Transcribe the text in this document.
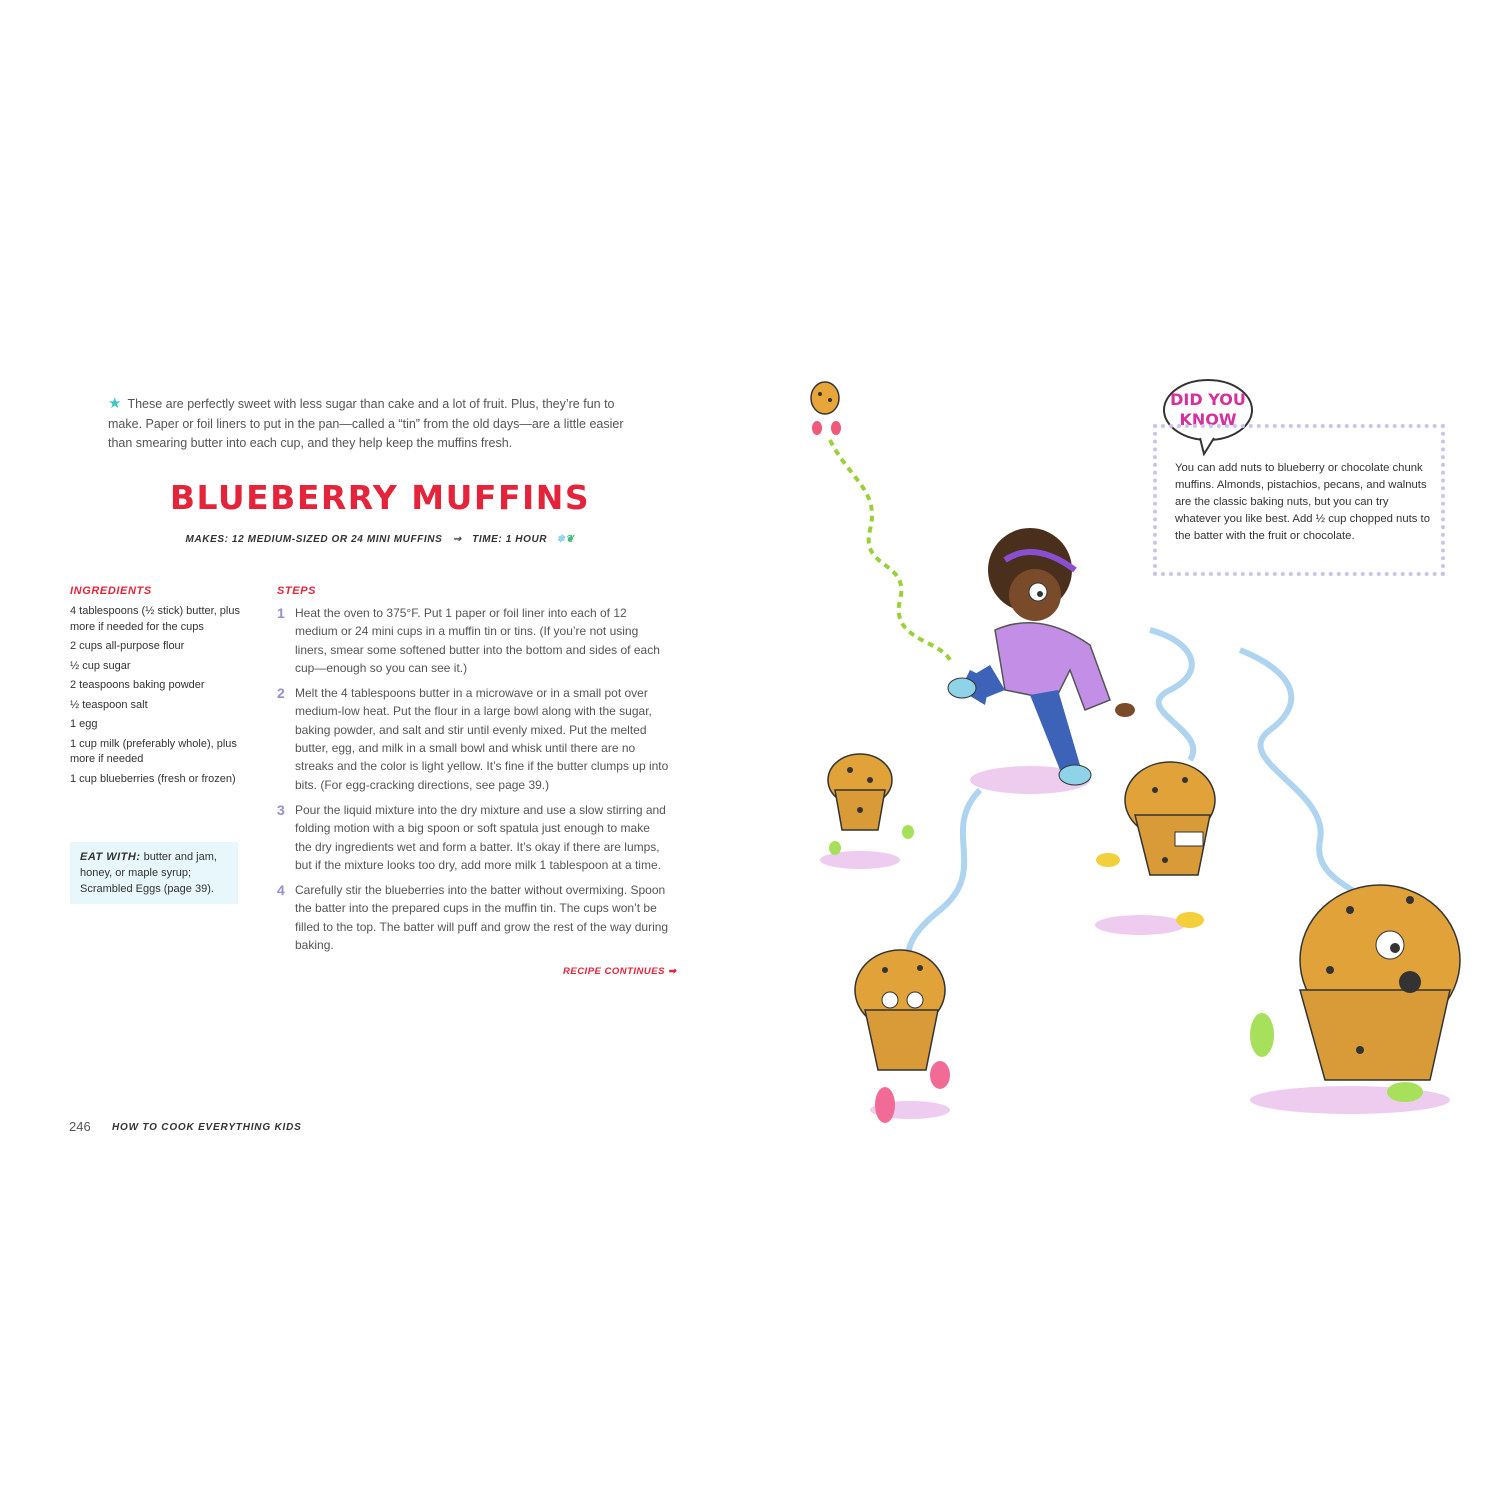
★ These are perfectly sweet with less sugar than cake and a lot of fruit. Plus, they’re fun to make. Paper or foil liners to put in the pan—called a “tin” from the old days—are a little easier than smearing butter into each cup, and they help keep the muffins fresh.
BLUEBERRY MUFFINS
MAKES: 12 MEDIUM-SIZED OR 24 MINI MUFFINS ⇝ TIME: 1 HOUR ❄❦
INGREDIENTS
4 tablespoons (½ stick) butter, plus more if needed for the cups
2 cups all-purpose flour
½ cup sugar
2 teaspoons baking powder
½ teaspoon salt
1 egg
1 cup milk (preferably whole), plus more if needed
1 cup blueberries (fresh or frozen)
EAT WITH: butter and jam, honey, or maple syrup; Scrambled Eggs (page 39).
STEPS
1 Heat the oven to 375°F. Put 1 paper or foil liner into each of 12 medium or 24 mini cups in a muffin tin or tins. (If you’re not using liners, smear some softened butter into the bottom and sides of each cup—enough so you can see it.)
2 Melt the 4 tablespoons butter in a microwave or in a small pot over medium-low heat. Put the flour in a large bowl along with the sugar, baking powder, and salt and stir until evenly mixed. Put the melted butter, egg, and milk in a small bowl and whisk until there are no streaks and the color is light yellow. It’s fine if the butter clumps up into bits. (For egg-cracking directions, see page 39.)
3 Pour the liquid mixture into the dry mixture and use a slow stirring and folding motion with a big spoon or soft spatula just enough to make the dry ingredients wet and form a batter. It’s okay if there are lumps, but if the mixture looks too dry, add more milk 1 tablespoon at a time.
4 Carefully stir the blueberries into the batter without overmixing. Spoon the batter into the prepared cups in the muffin tin. The cups won’t be filled to the top. The batter will puff and grow the rest of the way during baking.
RECIPE CONTINUES ➡
246 HOW TO COOK EVERYTHING KIDS
DID YOU
KNOW
You can add nuts to blueberry or chocolate chunk muffins. Almonds, pistachios, pecans, and walnuts are the classic baking nuts, but you can try whatever you like best. Add ½ cup chopped nuts to the batter with the fruit or chocolate.
